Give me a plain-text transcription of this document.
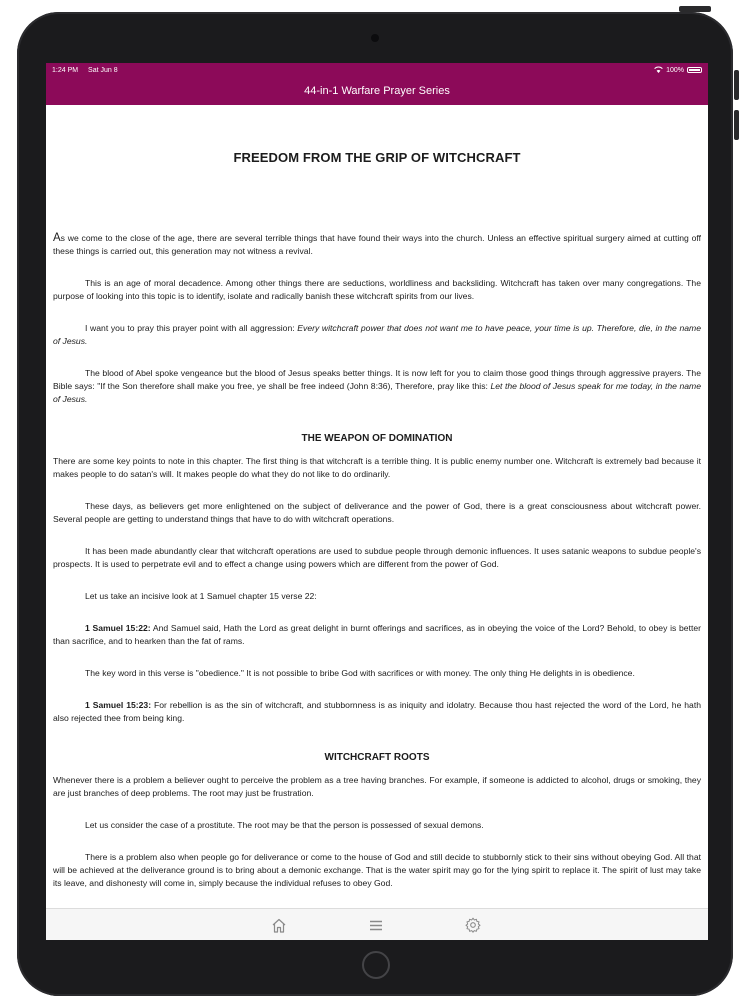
1:24 PM Sat Jun 8	100%
44-in-1 Warfare Prayer Series
FREEDOM FROM THE GRIP OF WITCHCRAFT

As we come to the close of the age, there are several terrible things that have found their ways into the church. Unless an effective spiritual surgery aimed at cutting off these things is carried out, this generation may not witness a revival.

This is an age of moral decadence. Among other things there are seductions, worldliness and backsliding. Witchcraft has taken over many congregations. The purpose of looking into this topic is to identify, isolate and radically banish these witchcraft spirits from our lives.

I want you to pray this prayer point with all aggression: Every witchcraft power that does not want me to have peace, your time is up. Therefore, die, in the name of Jesus.

The blood of Abel spoke vengeance but the blood of Jesus speaks better things. It is now left for you to claim those good things through aggressive prayers. The Bible says: "If the Son therefore shall make you free, ye shall be free indeed (John 8:36), Therefore, pray like this: Let the blood of Jesus speak for me today, in the name of Jesus.

THE WEAPON OF DOMINATION

There are some key points to note in this chapter. The first thing is that witchcraft is a terrible thing. It is public enemy number one. Witchcraft is extremely bad because it makes people to do satan's will. It makes people do what they do not like to do ordinarily.

These days, as believers get more enlightened on the subject of deliverance and the power of God, there is a great consciousness about witchcraft power. Several people are getting to understand things that have to do with witchcraft operations.

It has been made abundantly clear that witchcraft operations are used to subdue people through demonic influences. It uses satanic weapons to subdue people's prospects. It is used to perpetrate evil and to effect a change using powers which are different from the power of God.

Let us take an incisive look at 1 Samuel chapter 15 verse 22:

1 Samuel 15:22: And Samuel said, Hath the Lord as great delight in burnt offerings and sacrifices, as in obeying the voice of the Lord? Behold, to obey is better than sacrifice, and to hearken than the fat of rams.

The key word in this verse is "obedience." It is not possible to bribe God with sacrifices or with money. The only thing He delights in is obedience.

1 Samuel 15:23: For rebellion is as the sin of witchcraft, and stubbornness is as iniquity and idolatry. Because thou hast rejected the word of the Lord, he hath also rejected thee from being king.

WITCHCRAFT ROOTS

Whenever there is a problem a believer ought to perceive the problem as a tree having branches. For example, if someone is addicted to alcohol, drugs or smoking, they are just branches of deep problems. The root may just be frustration.

Let us consider the case of a prostitute. The root may be that the person is possessed of sexual demons.

There is a problem also when people go for deliverance or come to the house of God and still decide to stubbornly stick to their sins without obeying God. All that will be achieved at the deliverance ground is to bring about a demonic exchange. That is the water spirit may go for the lying spirit to replace it. The spirit of lust may take its leave, and dishonesty will come in, simply because the individual refuses to obey God.
